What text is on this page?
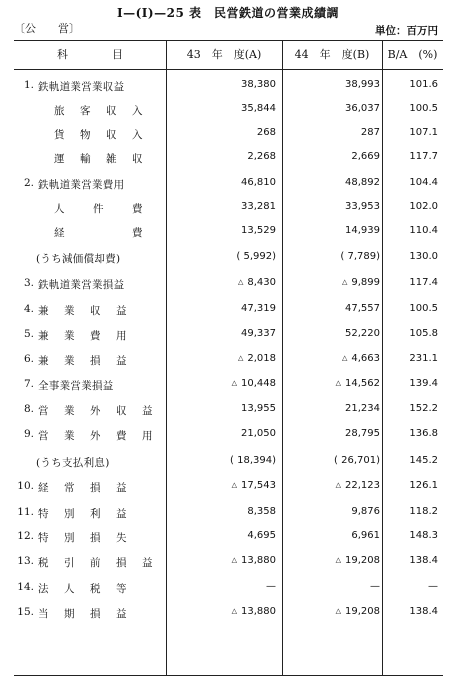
Ⅰ—(Ⅰ)—25 表　民営鉄道の営業成績調
〔公　　営〕	単位：百万円
科　　　　目	43　年　度(A)	44　年　度(B)	B/A　(%)
1. 鉄軌道業営業収益	38,380	38,993	101.6
旅　客　収　入	35,844	36,037	100.5
貨　物　収　入	268	287	107.1
運　輸　雑　収	2,268	2,669	117.7
2. 鉄軌道業営業費用	46,810	48,892	104.4
人　　件　　費	33,281	33,953	102.0
経　　　　　費	13,529	14,939	110.4
(うち減価償却費)	( 5,992)	( 7,789)	130.0
3. 鉄軌道業営業損益	△ 8,430	△ 9,899	117.4
4. 兼　業　収　益	47,319	47,557	100.5
5. 兼　業　費　用	49,337	52,220	105.8
6. 兼　業　損　益	△ 2,018	△ 4,663	231.1
7. 全事業営業損益	△ 10,448	△ 14,562	139.4
8. 営　業　外　収　益	13,955	21,234	152.2
9. 営　業　外　費　用	21,050	28,795	136.8
(うち支払利息)	( 18,394)	( 26,701)	145.2
10. 経　常　損　益	△ 17,543	△ 22,123	126.1
11. 特　別　利　益	8,358	9,876	118.2
12. 特　別　損　失	4,695	6,961	148.3
13. 税　引　前　損　益	△ 13,880	△ 19,208	138.4
14. 法　人　税　等	—	—	—
15. 当　期　損　益	△ 13,880	△ 19,208	138.4
